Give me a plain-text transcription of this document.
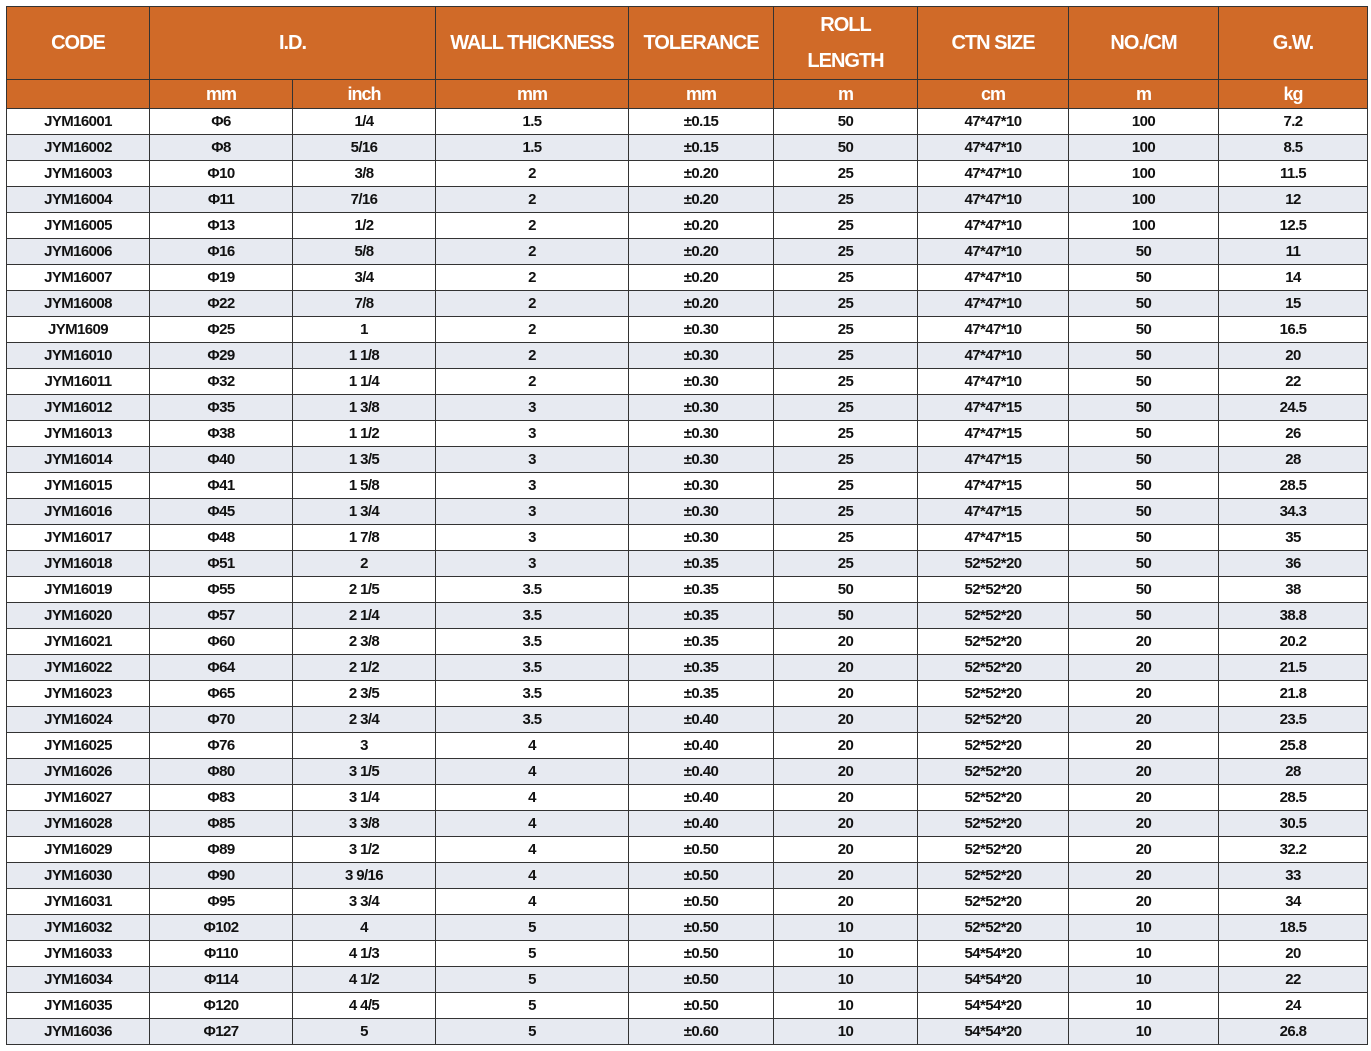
CODE	I.D.		WALL THICKNESS	TOLERANCE	ROLL
LENGTH	CTN SIZE	NO./CM	G.W.
	mm	inch	mm	mm	m	cm	m	kg
JYM16001	Φ6	1/4	1.5	±0.15	50	47*47*10	100	7.2
JYM16002	Φ8	5/16	1.5	±0.15	50	47*47*10	100	8.5
JYM16003	Φ10	3/8	2	±0.20	25	47*47*10	100	11.5
JYM16004	Φ11	7/16	2	±0.20	25	47*47*10	100	12
JYM16005	Φ13	1/2	2	±0.20	25	47*47*10	100	12.5
JYM16006	Φ16	5/8	2	±0.20	25	47*47*10	50	11
JYM16007	Φ19	3/4	2	±0.20	25	47*47*10	50	14
JYM16008	Φ22	7/8	2	±0.20	25	47*47*10	50	15
JYM1609	Φ25	1	2	±0.30	25	47*47*10	50	16.5
JYM16010	Φ29	1 1/8	2	±0.30	25	47*47*10	50	20
JYM16011	Φ32	1 1/4	2	±0.30	25	47*47*10	50	22
JYM16012	Φ35	1 3/8	3	±0.30	25	47*47*15	50	24.5
JYM16013	Φ38	1 1/2	3	±0.30	25	47*47*15	50	26
JYM16014	Φ40	1 3/5	3	±0.30	25	47*47*15	50	28
JYM16015	Φ41	1 5/8	3	±0.30	25	47*47*15	50	28.5
JYM16016	Φ45	1 3/4	3	±0.30	25	47*47*15	50	34.3
JYM16017	Φ48	1 7/8	3	±0.30	25	47*47*15	50	35
JYM16018	Φ51	2	3	±0.35	25	52*52*20	50	36
JYM16019	Φ55	2 1/5	3.5	±0.35	50	52*52*20	50	38
JYM16020	Φ57	2 1/4	3.5	±0.35	50	52*52*20	50	38.8
JYM16021	Φ60	2 3/8	3.5	±0.35	20	52*52*20	20	20.2
JYM16022	Φ64	2 1/2	3.5	±0.35	20	52*52*20	20	21.5
JYM16023	Φ65	2 3/5	3.5	±0.35	20	52*52*20	20	21.8
JYM16024	Φ70	2 3/4	3.5	±0.40	20	52*52*20	20	23.5
JYM16025	Φ76	3	4	±0.40	20	52*52*20	20	25.8
JYM16026	Φ80	3 1/5	4	±0.40	20	52*52*20	20	28
JYM16027	Φ83	3 1/4	4	±0.40	20	52*52*20	20	28.5
JYM16028	Φ85	3 3/8	4	±0.40	20	52*52*20	20	30.5
JYM16029	Φ89	3 1/2	4	±0.50	20	52*52*20	20	32.2
JYM16030	Φ90	3 9/16	4	±0.50	20	52*52*20	20	33
JYM16031	Φ95	3 3/4	4	±0.50	20	52*52*20	20	34
JYM16032	Φ102	4	5	±0.50	10	52*52*20	10	18.5
JYM16033	Φ110	4 1/3	5	±0.50	10	54*54*20	10	20
JYM16034	Φ114	4 1/2	5	±0.50	10	54*54*20	10	22
JYM16035	Φ120	4 4/5	5	±0.50	10	54*54*20	10	24
JYM16036	Φ127	5	5	±0.60	10	54*54*20	10	26.8
